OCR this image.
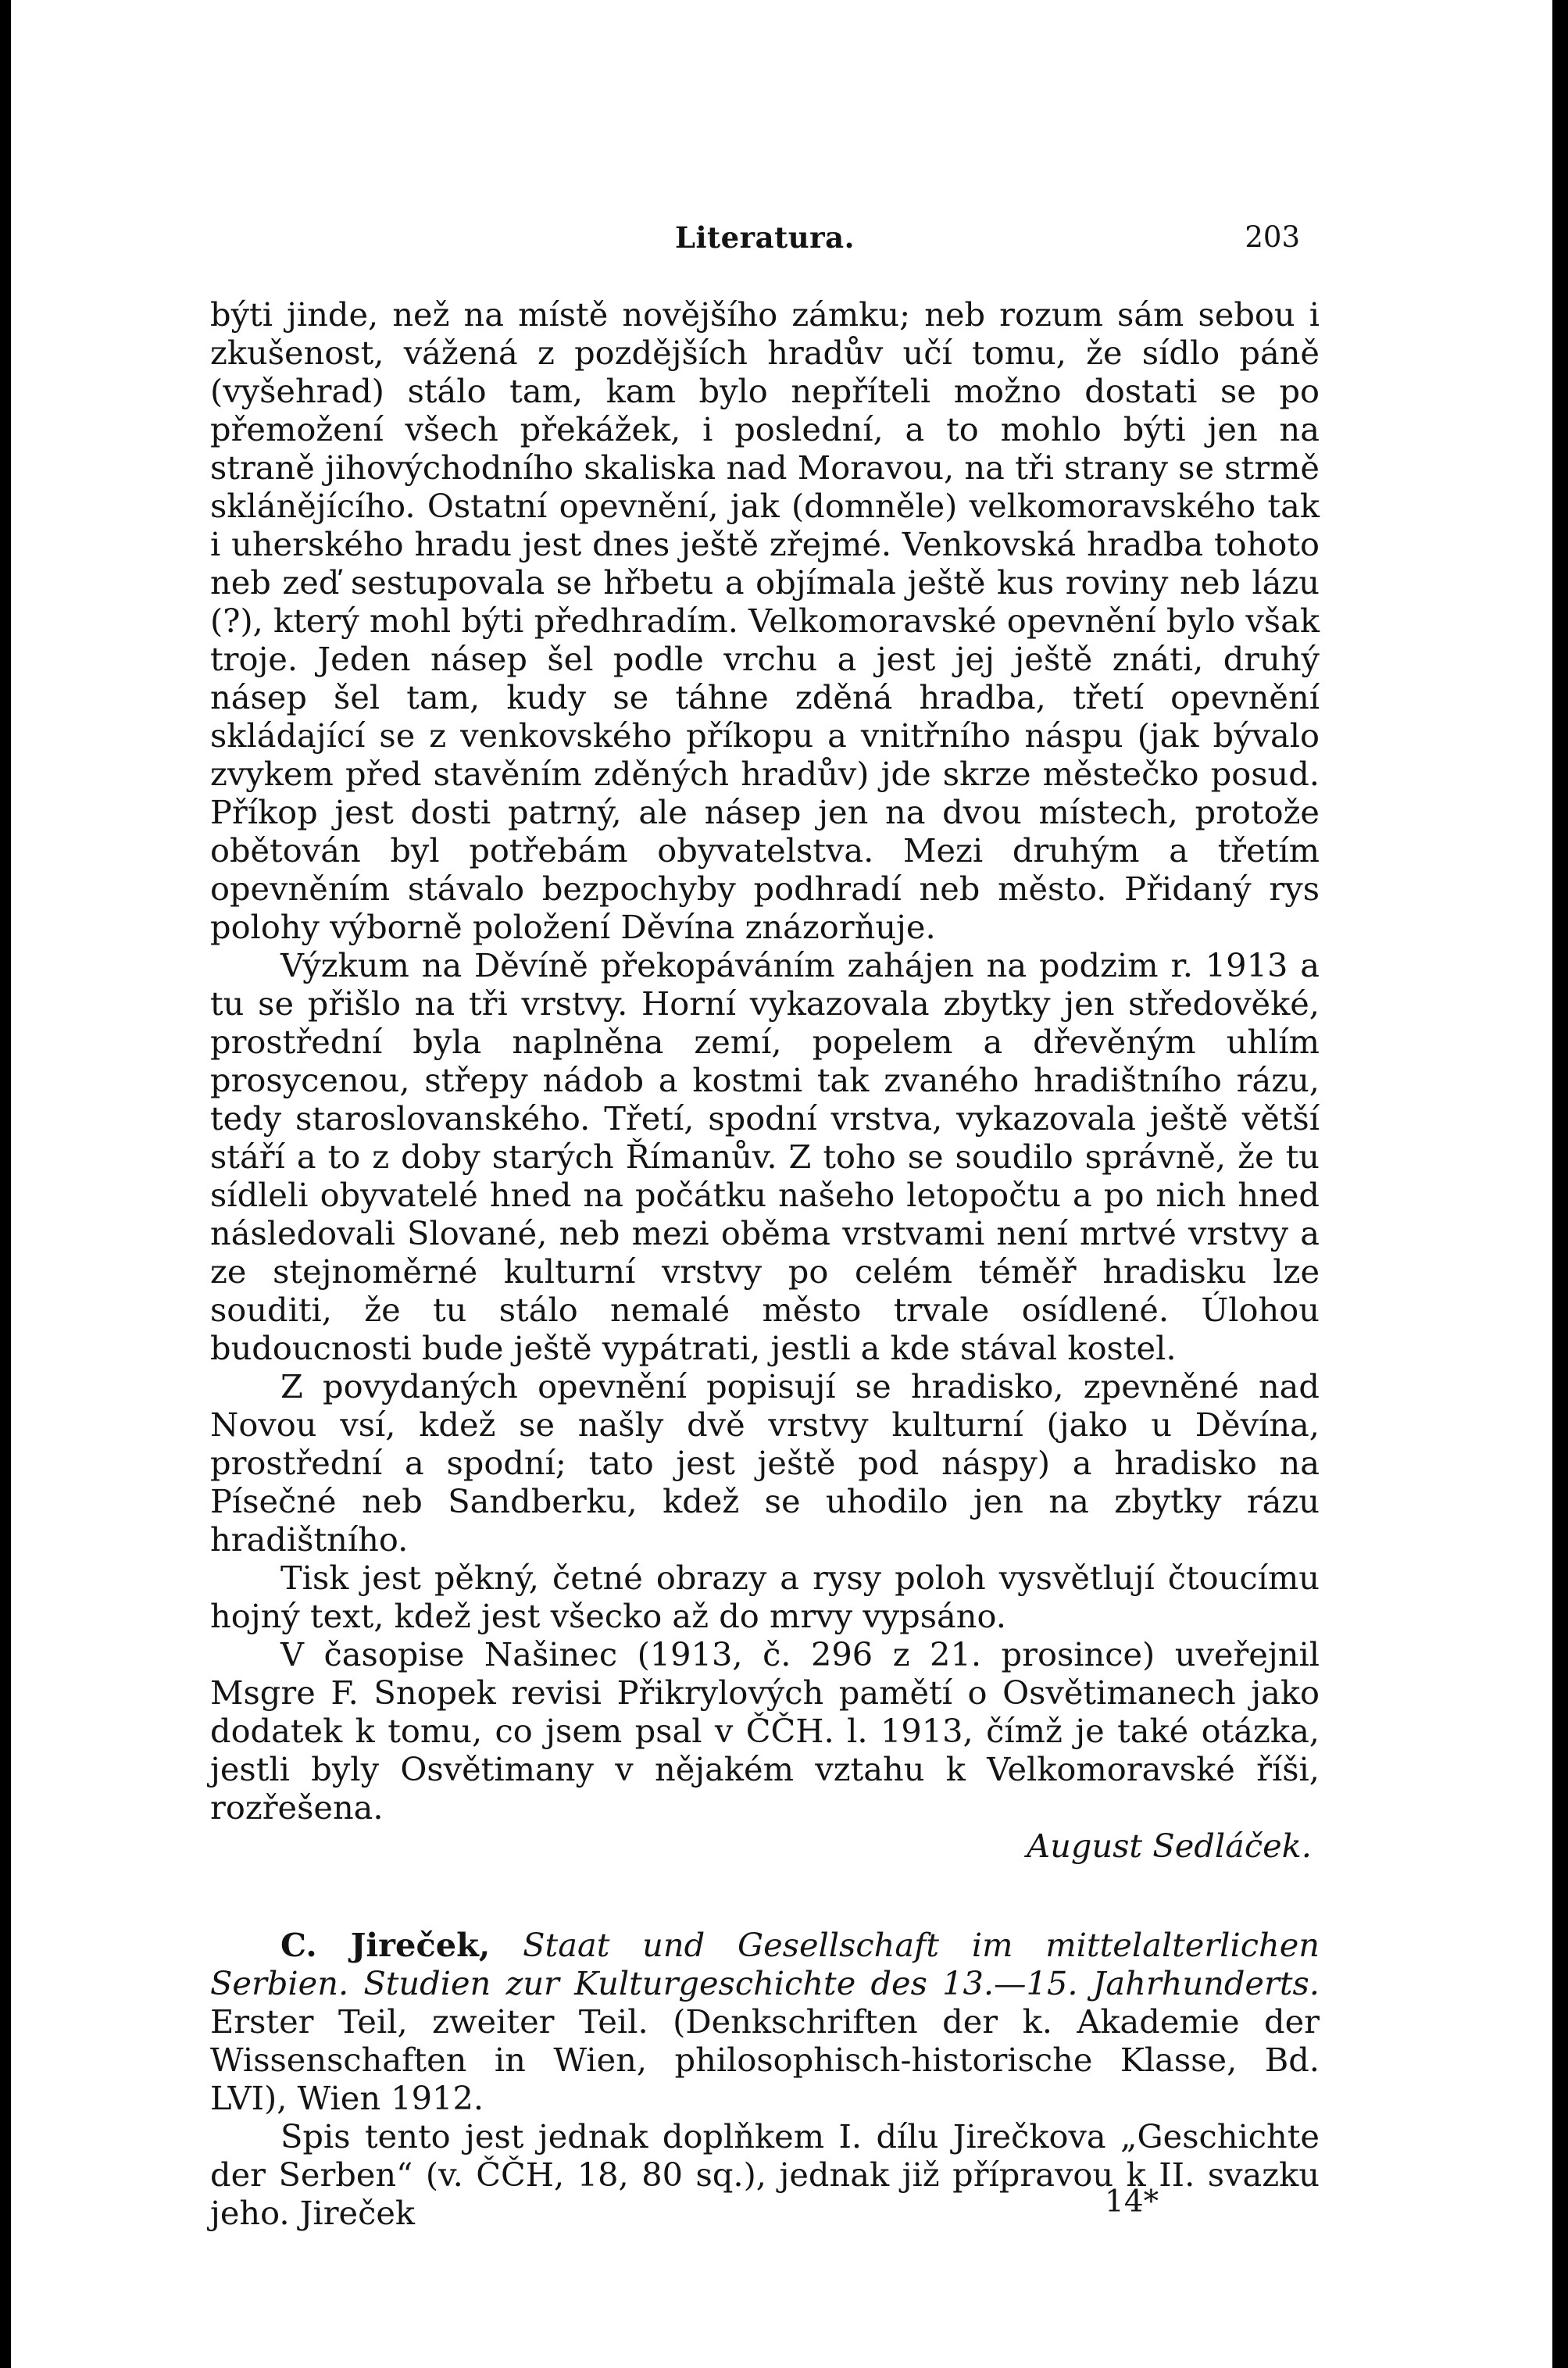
Literatura.	203

býti jinde, než na místě novějšího zámku; neb rozum sám sebou i zkušenost, vážená z pozdějších hradův učí tomu, že sídlo páně (vyšehrad) stálo tam, kam bylo nepříteli možno dostati se po přemožení všech překážek, i poslední, a to mohlo býti jen na straně jihovýchodního skaliska nad Moravou, na tři strany se strmě sklánějícího. Ostatní opevnění, jak (domněle) velkomoravského tak i uherského hradu jest dnes ještě zřejmé. Venkovská hradba tohoto neb zeď sestupovala se hřbetu a objímala ještě kus roviny neb lázu (?), který mohl býti předhradím. Velkomoravské opevnění bylo však troje. Jeden násep šel podle vrchu a jest jej ještě znáti, druhý násep šel tam, kudy se táhne zděná hradba, třetí opevnění skládající se z venkovského příkopu a vnitřního náspu (jak bývalo zvykem před stavěním zděných hradův) jde skrze městečko posud. Příkop jest dosti patrný, ale násep jen na dvou místech, protože obětován byl potřebám obyvatelstva. Mezi druhým a třetím opevněním stávalo bezpochyby podhradí neb město. Přidaný rys polohy výborně položení Děvína znázorňuje.

Výzkum na Děvíně překopáváním zahájen na podzim r. 1913 a tu se přišlo na tři vrstvy. Horní vykazovala zbytky jen středověké, prostřední byla naplněna zemí, popelem a dřevěným uhlím prosycenou, střepy nádob a kostmi tak zvaného hradištního rázu, tedy staroslovanského. Třetí, spodní vrstva, vykazovala ještě větší stáří a to z doby starých Římanův. Z toho se soudilo správně, že tu sídleli obyvatelé hned na počátku našeho letopočtu a po nich hned následovali Slované, neb mezi oběma vrstvami není mrtvé vrstvy a ze stejnoměrné kulturní vrstvy po celém téměř hradisku lze souditi, že tu stálo nemalé město trvale osídlené. Úlohou budoucnosti bude ještě vypátrati, jestli a kde stával kostel.

Z povydaných opevnění popisují se hradisko, zpevněné nad Novou vsí, kdež se našly dvě vrstvy kulturní (jako u Děvína, prostřední a spodní; tato jest ještě pod náspy) a hradisko na Písečné neb Sandberku, kdež se uhodilo jen na zbytky rázu hradištního.

Tisk jest pěkný, četné obrazy a rysy poloh vysvětlují čtoucímu hojný text, kdež jest všecko až do mrvy vypsáno.

V časopise Našinec (1913, č. 296 z 21. prosince) uveřejnil Msgre F. Snopek revisi Přikrylových pamětí o Osvětimanech jako dodatek k tomu, co jsem psal v ČČH. l. 1913, čímž je také otázka, jestli byly Osvětimany v nějakém vztahu k Velkomoravské říši, rozřešena.

August Sedláček.

C. Jireček, Staat und Gesellschaft im mittelalterlichen Serbien. Studien zur Kulturgeschichte des 13.—15. Jahrhunderts. Erster Teil, zweiter Teil. (Denkschriften der k. Akademie der Wissenschaften in Wien, philosophisch-historische Klasse, Bd. LVI), Wien 1912.

Spis tento jest jednak doplňkem I. dílu Jirečkova „Geschichte der Serben“ (v. ČČH, 18, 80 sq.), jednak již přípravou k II. svazku jeho. Jireček	14*
